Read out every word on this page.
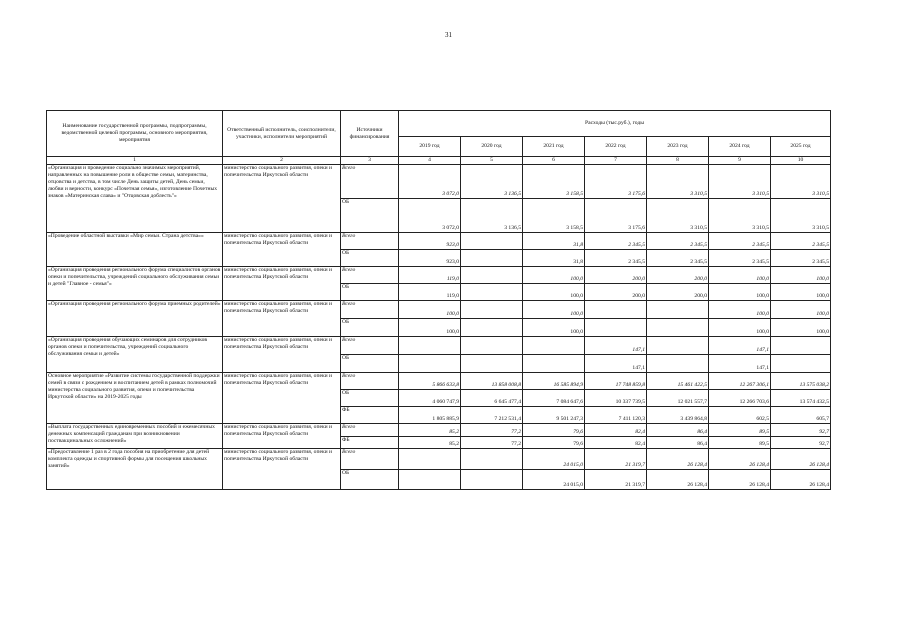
31
Наименование государственной программы, подпрограммы, ведомственной целевой программы, основного мероприятия, мероприятия	Ответственный исполнитель, соисполнители, участники, исполнители мероприятий	Источники финансирования	Расходы (тыс.руб.), годы						
			2019 год	2020 год	2021 год	2022 год	2023 год	2024 год	2025 год
1	2	3	4	5	6	7	8	9	10
«Организация и проведение социально значимых мероприятий, направленных на повышение роли в обществе семьи, материнства, отцовства и детства, в том числе День защиты детей, День семьи, любви и верности, конкурс «Почетная семья», изготовление Почетных знаков «Материнская слава» и "Отцовская доблесть"»	министерство социального развития, опеки и попечительства Иркутской области	Всего	3 072,0	3 136,5	3 158,5	3 175,6	3 310,5	3 310,5	3 310,5
		ОБ	3 072,0	3 136,5	3 158,5	3 175,6	3 310,5	3 310,5	3 310,5
«Проведение областной выставки «Мир семьи. Страна детства»»	министерство социального развития, опеки и попечительства Иркутской области	Всего	923,0		31,8	2 345,5	2 345,5	2 345,5	2 345,5
		ОБ	923,0		31,8	2 345,5	2 345,5	2 345,5	2 345,5
«Организация проведения регионального форума специалистов органов опеки и попечительства, учреждений социального обслуживания семьи и детей "Главное - семья"»	министерство социального развития, опеки и попечительства Иркутской области	Всего	119,0		100,0	200,0	200,0	100,0	100,0
		ОБ	119,0		100,0	200,0	200,0	100,0	100,0
«Организация проведения регионального форума приемных родителей»	министерство социального развития, опеки и попечительства Иркутской области	Всего	100,0		100,0			100,0	100,0
		ОБ	100,0		100,0			100,0	100,0
«Организация проведения обучающих семинаров для сотрудников органов опеки и попечительства, учреждений социального обслуживания семьи и детей»	министерство социального развития, опеки и попечительства Иркутской области	Всего				147,1		147,1	
		ОБ				147,1		147,1	
Основное мероприятие «Развитие системы государственной поддержки семей в связи с рождением и воспитанием детей в рамках полномочий министерства социального развития, опеки и попечительства Иркутской области» на 2019-2025 годы	министерство социального развития, опеки и попечительства Иркутской области	Всего	5 866 633,8	13 858 008,8	16 585 894,9	17 748 859,8	15 461 422,5	12 267 306,1	13 575 038,2
		ОБ	4 060 747,9	6 645 477,4	7 084 647,6	10 337 739,5	12 021 557,7	12 266 703,6	13 574 432,5
		ФБ	1 805 885,9	7 212 531,4	9 501 247,3	7 411 120,3	3 439 864,8	602,5	605,7
«Выплата государственных единовременных пособий и ежемесячных денежных компенсаций гражданам при возникновении поствакцинальных осложнений»	министерство социального развития, опеки и попечительства Иркутской области	Всего	85,2	77,2	79,6	82,4	86,4	89,5	92,7
		ФБ	85,2	77,2	79,6	82,4	86,4	89,5	92,7
«Предоставление 1 раз в 2 года пособия на приобретение для детей комплекта одежды и спортивной формы для посещения школьных занятий»	министерство социального развития, опеки и попечительства Иркутской области	Всего			24 015,0	21 319,7	26 128,4	26 128,4	26 128,4
		ОБ			24 015,0	21 319,7	26 128,4	26 128,4	26 128,4
